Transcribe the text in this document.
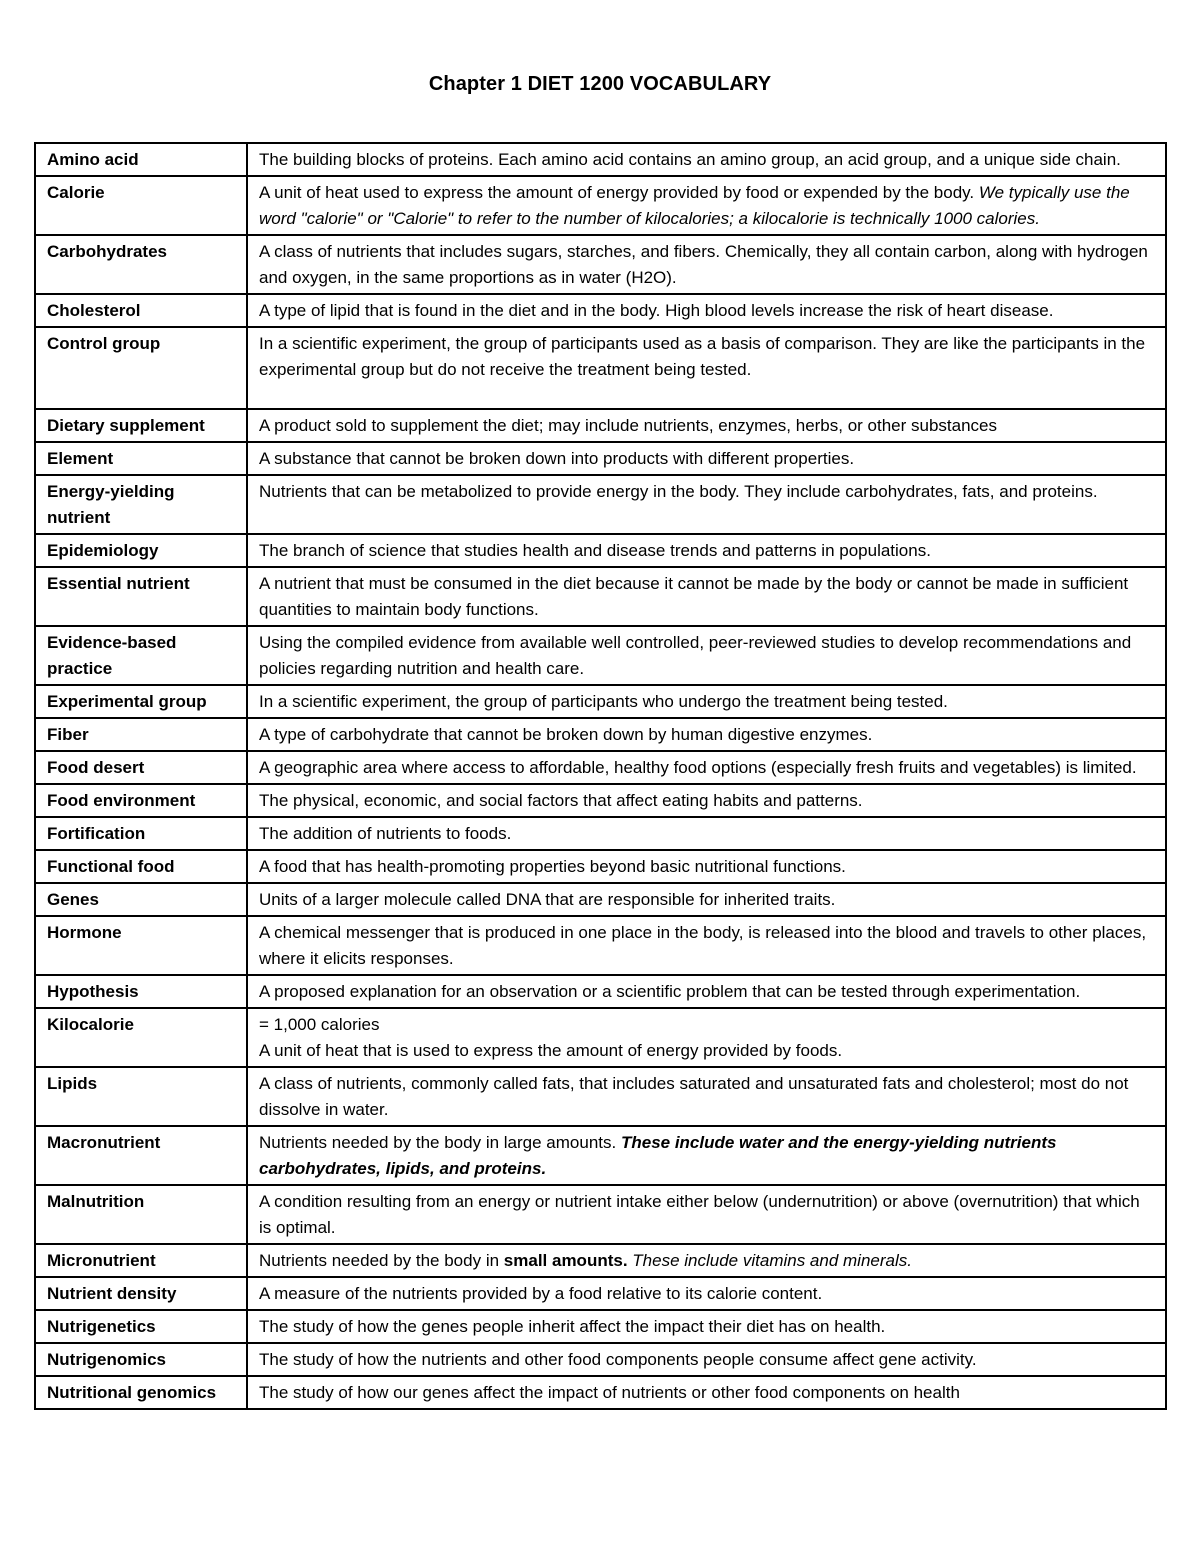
Chapter 1 DIET 1200 VOCABULARY
Amino acid	The building blocks of proteins. Each amino acid contains an amino group, an acid group, and a unique side chain.
Calorie	A unit of heat used to express the amount of energy provided by food or expended by the body. We typically use the word "calorie" or "Calorie" to refer to the number of kilocalories; a kilocalorie is technically 1000 calories.
Carbohydrates	A class of nutrients that includes sugars, starches, and fibers. Chemically, they all contain carbon, along with hydrogen and oxygen, in the same proportions as in water (H2O).
Cholesterol	A type of lipid that is found in the diet and in the body. High blood levels increase the risk of heart disease.
Control group	In a scientific experiment, the group of participants used as a basis of comparison. They are like the participants in the experimental group but do not receive the treatment being tested.
Dietary supplement	A product sold to supplement the diet; may include nutrients, enzymes, herbs, or other substances
Element	A substance that cannot be broken down into products with different properties.
Energy-yielding nutrient	Nutrients that can be metabolized to provide energy in the body. They include carbohydrates, fats, and proteins.
Epidemiology	The branch of science that studies health and disease trends and patterns in populations.
Essential nutrient	A nutrient that must be consumed in the diet because it cannot be made by the body or cannot be made in sufficient quantities to maintain body functions.
Evidence-based practice	Using the compiled evidence from available well controlled, peer-reviewed studies to develop recommendations and policies regarding nutrition and health care.
Experimental group	In a scientific experiment, the group of participants who undergo the treatment being tested.
Fiber	A type of carbohydrate that cannot be broken down by human digestive enzymes.
Food desert	A geographic area where access to affordable, healthy food options (especially fresh fruits and vegetables) is limited.
Food environment	The physical, economic, and social factors that affect eating habits and patterns.
Fortification	The addition of nutrients to foods.
Functional food	A food that has health-promoting properties beyond basic nutritional functions.
Genes	Units of a larger molecule called DNA that are responsible for inherited traits.
Hormone	A chemical messenger that is produced in one place in the body, is released into the blood and travels to other places, where it elicits responses.
Hypothesis	A proposed explanation for an observation or a scientific problem that can be tested through experimentation.
Kilocalorie	= 1,000 calories
A unit of heat that is used to express the amount of energy provided by foods.

Lipids	A class of nutrients, commonly called fats, that includes saturated and unsaturated fats and cholesterol; most do not dissolve in water.
Macronutrient	Nutrients needed by the body in large amounts. These include water and the energy-yielding nutrients carbohydrates, lipids, and proteins.
Malnutrition	A condition resulting from an energy or nutrient intake either below (undernutrition) or above (overnutrition) that which is optimal.
Micronutrient	Nutrients needed by the body in small amounts. These include vitamins and minerals.
Nutrient density	A measure of the nutrients provided by a food relative to its calorie content.
Nutrigenetics	The study of how the genes people inherit affect the impact their diet has on health.
Nutrigenomics	The study of how the nutrients and other food components people consume affect gene activity.
Nutritional genomics	The study of how our genes affect the impact of nutrients or other food components on health
